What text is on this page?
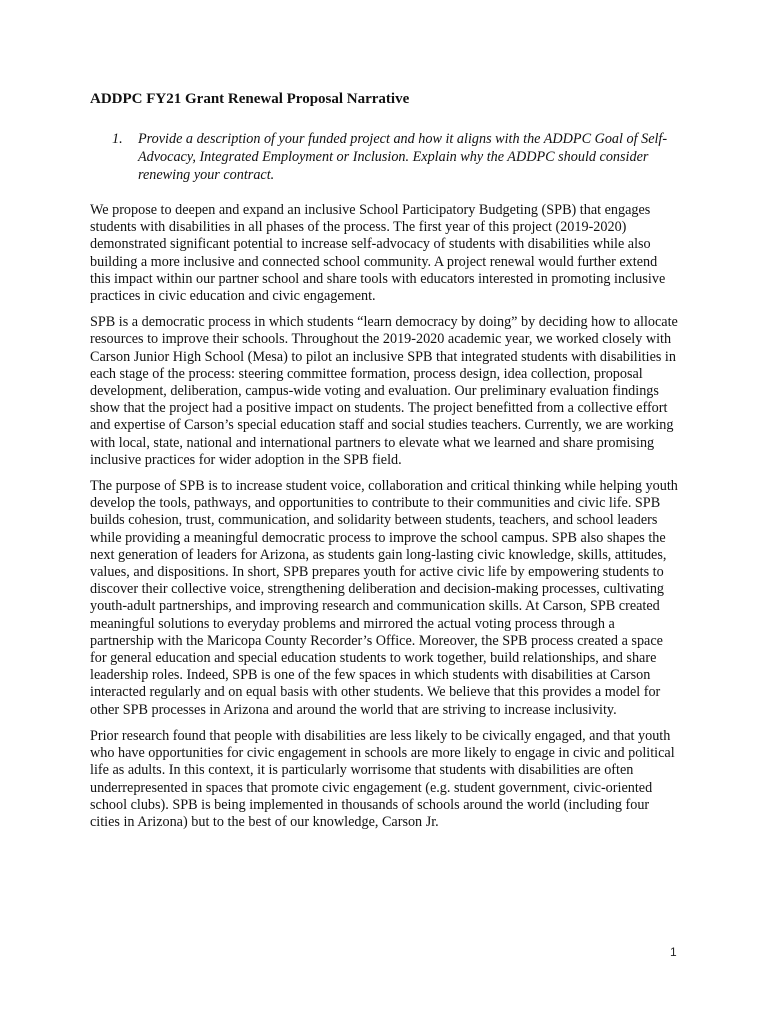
ADDPC FY21 Grant Renewal Proposal Narrative
1.	Provide a description of your funded project and how it aligns with the ADDPC Goal of Self-Advocacy, Integrated Employment or Inclusion. Explain why the ADDPC should consider renewing your contract.

We propose to deepen and expand an inclusive School Participatory Budgeting (SPB) that engages students with disabilities in all phases of the process. The first year of this project (2019-2020) demonstrated significant potential to increase self-advocacy of students with disabilities while also building a more inclusive and connected school community. A project renewal would further extend this impact within our partner school and share tools with educators interested in promoting inclusive practices in civic education and civic engagement.

SPB is a democratic process in which students “learn democracy by doing” by deciding how to allocate resources to improve their schools. Throughout the 2019-2020 academic year, we worked closely with Carson Junior High School (Mesa) to pilot an inclusive SPB that integrated students with disabilities in each stage of the process: steering committee formation, process design, idea collection, proposal development, deliberation, campus-wide voting and evaluation. Our preliminary evaluation findings show that the project had a positive impact on students. The project benefitted from a collective effort and expertise of Carson’s special education staff and social studies teachers. Currently, we are working with local, state, national and international partners to elevate what we learned and share promising inclusive practices for wider adoption in the SPB field.

The purpose of SPB is to increase student voice, collaboration and critical thinking while helping youth develop the tools, pathways, and opportunities to contribute to their communities and civic life. SPB builds cohesion, trust, communication, and solidarity between students, teachers, and school leaders while providing a meaningful democratic process to improve the school campus. SPB also shapes the next generation of leaders for Arizona, as students gain long-lasting civic knowledge, skills, attitudes, values, and dispositions. In short, SPB prepares youth for active civic life by empowering students to discover their collective voice, strengthening deliberation and decision-making processes, cultivating youth-adult partnerships, and improving research and communication skills. At Carson, SPB created meaningful solutions to everyday problems and mirrored the actual voting process through a partnership with the Maricopa County Recorder’s Office. Moreover, the SPB process created a space for general education and special education students to work together, build relationships, and share leadership roles. Indeed, SPB is one of the few spaces in which students with disabilities at Carson interacted regularly and on equal basis with other students. We believe that this provides a model for other SPB processes in Arizona and around the world that are striving to increase inclusivity.

Prior research found that people with disabilities are less likely to be civically engaged, and that youth who have opportunities for civic engagement in schools are more likely to engage in civic and political life as adults. In this context, it is particularly worrisome that students with disabilities are often underrepresented in spaces that promote civic engagement (e.g. student government, civic-oriented school clubs). SPB is being implemented in thousands of schools around the world (including four cities in Arizona) but to the best of our knowledge, Carson Jr.

1
